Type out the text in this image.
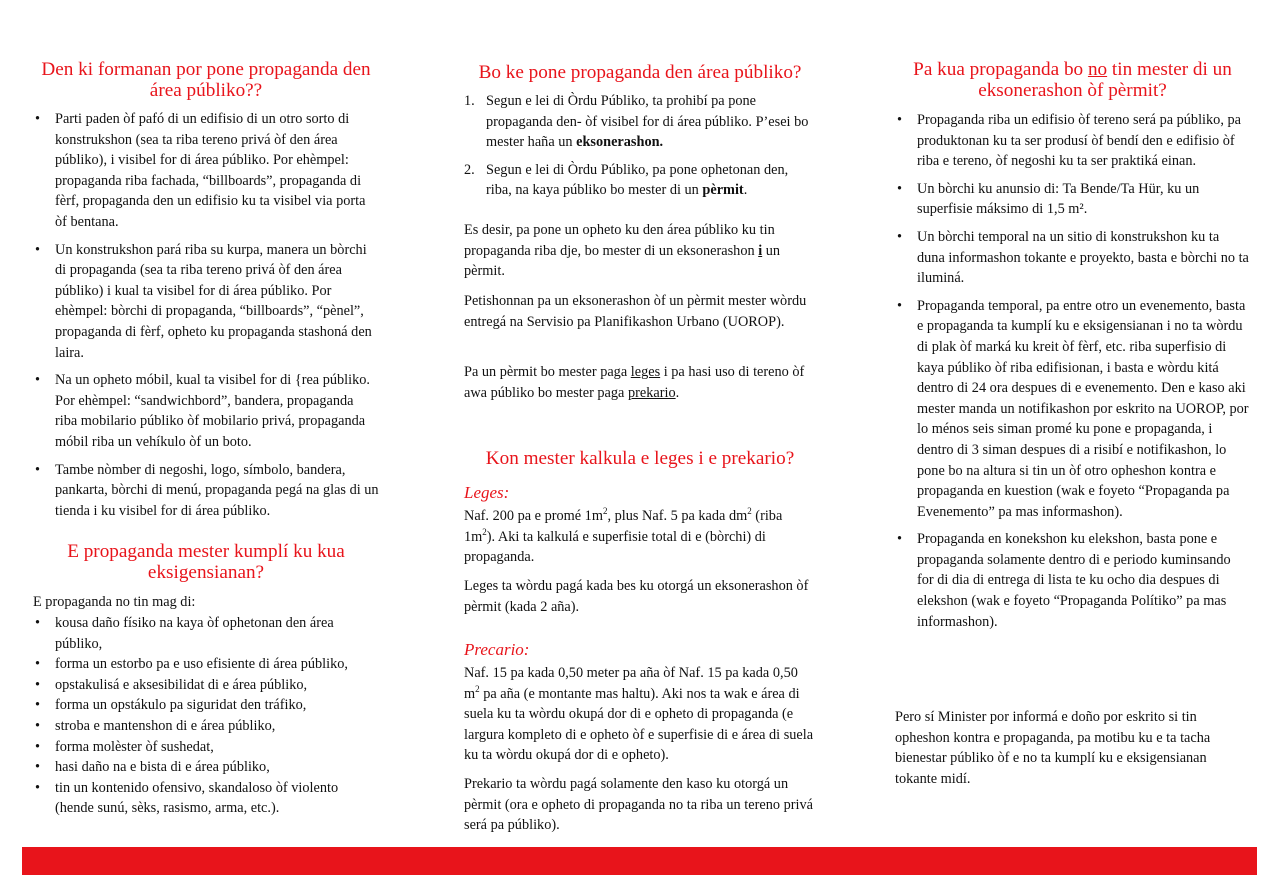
Den ki formanan por pone propaganda den área públiko??
• Parti paden òf pafó di un edifisio di un otro sorto di konstrukshon (sea ta riba tereno privá òf den área públiko), i visibel for di área públiko. Por ehèmpel: propaganda riba fachada, “billboards”, propaganda di fèrf, propaganda den un edifisio ku ta visibel via porta òf bentana.
• Un konstrukshon pará riba su kurpa, manera un bòrchi di propaganda (sea ta riba tereno privá òf den área públiko) i kual ta visibel for di área públiko. Por ehèmpel: bòrchi di propaganda, “billboards”, “pènel”, propaganda di fèrf, opheto ku propaganda stashoná den laira.
• Na un opheto móbil, kual ta visibel for di {rea públiko. Por ehèmpel: “sandwichbord”, bandera, propaganda riba mobilario públiko òf mobilario privá, propaganda móbil riba un vehíkulo òf un boto.
• Tambe nòmber di negoshi, logo, símbolo, bandera, pankarta, bòrchi di menú, propaganda pegá na glas di un tienda i ku visibel for di área públiko.
E propaganda mester kumplí ku kua eksigensianan?

E propaganda no tin mag di:

• kousa daño físiko na kaya òf ophetonan den área públiko,
• forma un estorbo pa e uso efisiente di área públiko,
• opstakulisá e aksesibilidat di e área públiko,
• forma un opstákulo pa siguridat den tráfiko,
• stroba e mantenshon di e área públiko,
• forma molèster òf sushedat,
• hasi daño na e bista di e área públiko,
• tin un kontenido ofensivo, skandaloso òf violento (hende sunú, sèks, rasismo, arma, etc.).
Bo ke pone propaganda den área públiko?
1. Segun e lei di Òrdu Públiko, ta prohibí pa pone propaganda den- òf visibel for di área públiko. P’esei bo mester haña un eksonerashon.
2. Segun e lei di Òrdu Públiko, pa pone ophetonan den, riba, na kaya públiko bo mester di un pèrmit.

Es desir, pa pone un opheto ku den área públiko ku tin propaganda riba dje, bo mester di un eksonerashon i un pèrmit.

Petishonnan pa un eksonerashon òf un pèrmit mester wòrdu entregá na Servisio pa Planifikashon Urbano (UOROP).

Pa un pèrmit bo mester paga leges i pa hasi uso di tereno òf awa públiko bo mester paga prekario.

Kon mester kalkula e leges i e prekario?
Leges:

Naf. 200 pa e promé $1m^2$, plus Naf. 5 pa kada $dm^2$ (riba $1m^2$). Aki ta kalkulá e superfisie total di e (bòrchi) di propaganda.

Leges ta wòrdu pagá kada bes ku otorgá un eksonerashon òf pèrmit (kada 2 aña).

Precario:

Naf. 15 pa kada 0,50 meter pa aña òf Naf. 15 pa kada 0,50 $m^2$ pa aña (e montante mas haltu). Aki nos ta wak e área di suela ku ta wòrdu okupá dor di e opheto di propaganda (e largura kompleto di e opheto òf e superfisie di e área di suela ku ta wòrdu okupá dor di e opheto).

Prekario ta wòrdu pagá solamente den kaso ku otorgá un pèrmit (ora e opheto di propaganda no ta riba un tereno privá será pa públiko).

Pa kua propaganda bo no tin mester di un eksonerashon òf pèrmit?
• Propaganda riba un edifisio òf tereno será pa públiko, pa produktonan ku ta ser produsí òf bendí den e edifisio òf riba e tereno, òf negoshi ku ta ser praktiká einan.
• Un bòrchi ku anunsio di: Ta Bende/Ta Hür, ku un superfisie máksimo di 1,5 m².
• Un bòrchi temporal na un sitio di konstrukshon ku ta duna informashon tokante e proyekto, basta e bòrchi no ta iluminá.
• Propaganda temporal, pa entre otro un evenemento, basta e propaganda ta kumplí ku e eksigensianan i no ta wòrdu di plak òf marká ku kreit òf fèrf, etc. riba superfisio di kaya públiko òf riba edifisionan, i basta e wòrdu kitá dentro di 24 ora despues di e evenemento. Den e kaso aki mester manda un notifikashon por eskrito na UOROP, por lo ménos seis siman promé ku pone e propaganda, i dentro di 3 siman despues di a risibí e notifikashon, lo pone bo na altura si tin un òf otro opheshon kontra e propaganda en kuestion (wak e foyeto “Propaganda pa Evenemento” pa mas informashon).
• Propaganda en konekshon ku elekshon, basta pone e propaganda solamente dentro di e periodo kuminsando for di dia di entrega di lista te ku ocho dia despues di elekshon (wak e foyeto “Propaganda Polítiko” pa mas informashon).

Pero sí Minister por informá e doño por eskrito si tin opheshon kontra e propaganda, pa motibu ku e ta tacha bienestar públiko òf e no ta kumplí ku e eksigensianan tokante midí.
